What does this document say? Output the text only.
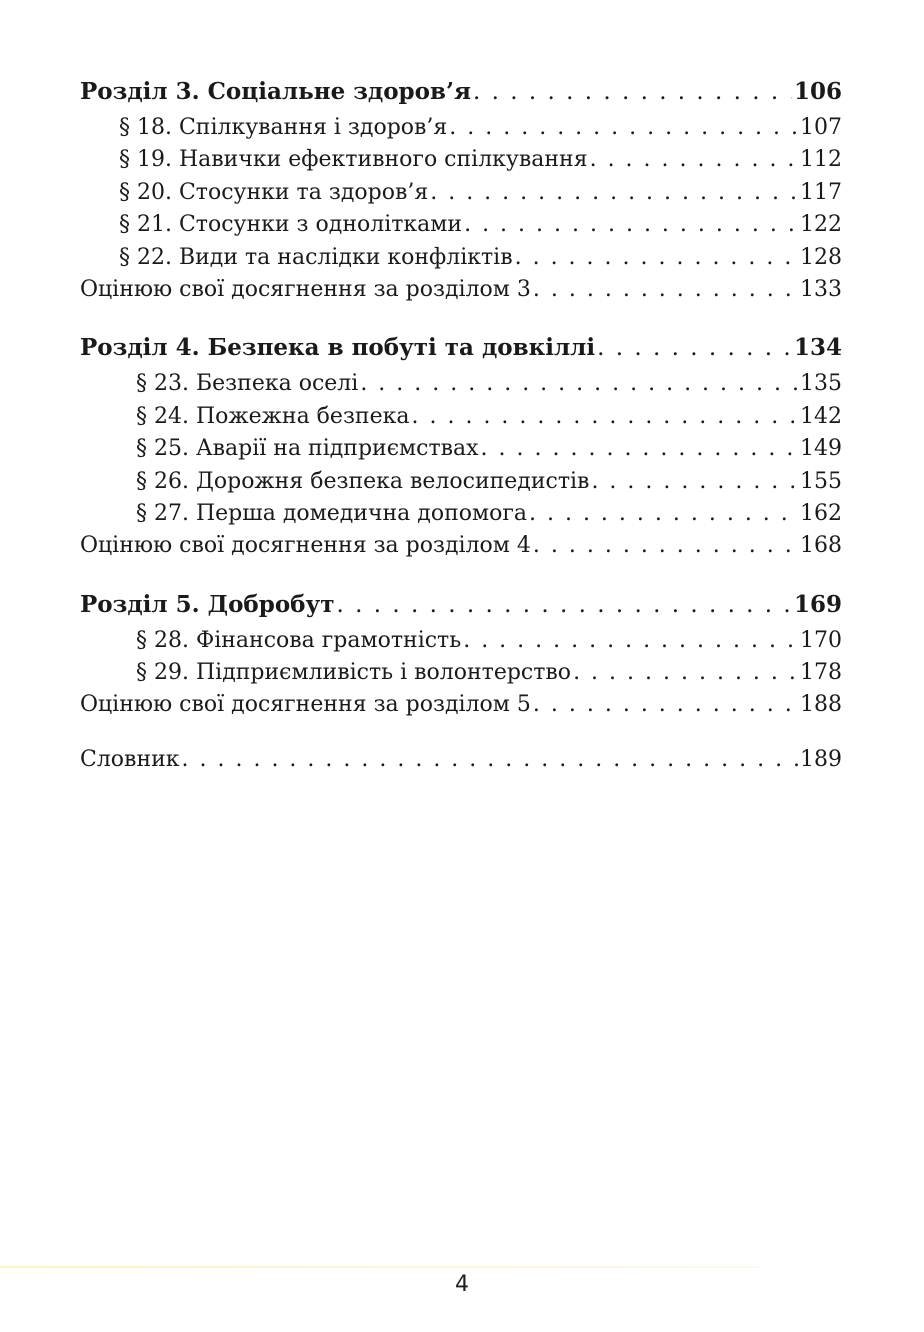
Розділ 3. Соціальне здоров’я . . .	106
§ 18. Спілкування і здоров’я . . .	107
§ 19. Навички ефективного спілкування . . .	112
§ 20. Стосунки та здоров’я . . .	117
§ 21. Стосунки з однолітками . . .	122
§ 22. Види та наслідки конфліктів . . .	128
Оцінюю свої досягнення за розділом 3 . . .	133
Розділ 4. Безпека в побуті та довкіллі . . .	134
§ 23. Безпека оселі . . .	135
§ 24. Пожежна безпека . . .	142
§ 25. Аварії на підприємствах . . .	149
§ 26. Дорожня безпека велосипедистів . . .	155
§ 27. Перша домедична допомога . . .	162
Оцінюю свої досягнення за розділом 4 . . .	168
Розділ 5. Добробут . . .	169
§ 28. Фінансова грамотність . . .	170
§ 29. Підприємливість і волонтерство . . .	178
Оцінюю свої досягнення за розділом 5 . . .	188
Словник . . .	189
4
